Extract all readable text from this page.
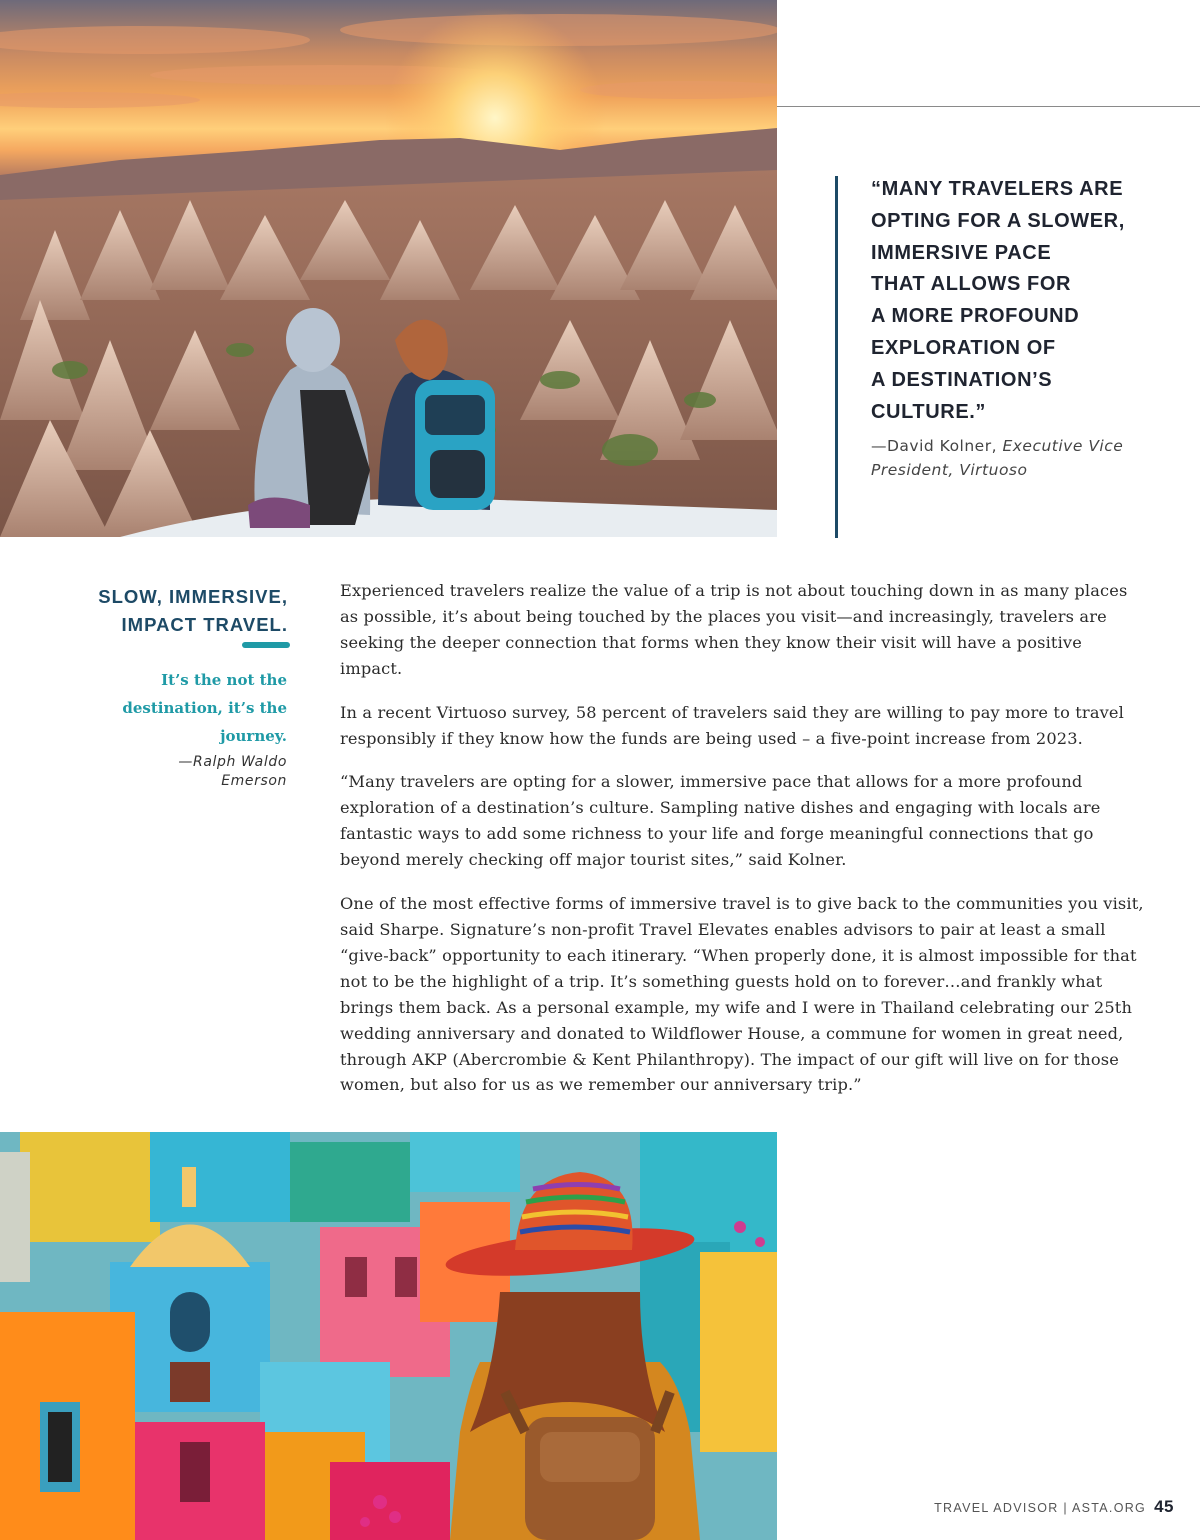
“MANY TRAVELERS ARE
OPTING FOR A SLOWER,
IMMERSIVE PACE
THAT ALLOWS FOR
A MORE PROFOUND
EXPLORATION OF
A DESTINATION’S
CULTURE.”

—David Kolner, Executive Vice President, Virtuoso

SLOW, IMMERSIVE,
IMPACT TRAVEL.

It’s the not the
destination, it’s the
journey.

—Ralph Waldo
Emerson

Experienced travelers realize the value of a trip is not about touching down in as many places as possible, it’s about being touched by the places you visit—and increasingly, travelers are seeking the deeper connection that forms when they know their visit will have a positive impact.

In a recent Virtuoso survey, 58 percent of travelers said they are willing to pay more to travel responsibly if they know how the funds are being used – a five-point increase from 2023.

“Many travelers are opting for a slower, immersive pace that allows for a more profound exploration of a destination’s culture. Sampling native dishes and engaging with locals are fantastic ways to add some richness to your life and forge meaningful connections that go beyond merely checking off major tourist sites,” said Kolner.

One of the most effective forms of immersive travel is to give back to the communities you visit, said Sharpe. Signature’s non-profit Travel Elevates enables advisors to pair at least a small “give-back” opportunity to each itinerary. “When properly done, it is almost impossible for that not to be the highlight of a trip. It’s something guests hold on to forever…and frankly what brings them back. As a personal example, my wife and I were in Thailand celebrating our 25th wedding anniversary and donated to Wildflower House, a commune for women in great need, through AKP (Abercrombie & Kent Philanthropy). The impact of our gift will live on for those women, but also for us as we remember our anniversary trip.”

TRAVEL ADVISOR | ASTA.ORG 45
